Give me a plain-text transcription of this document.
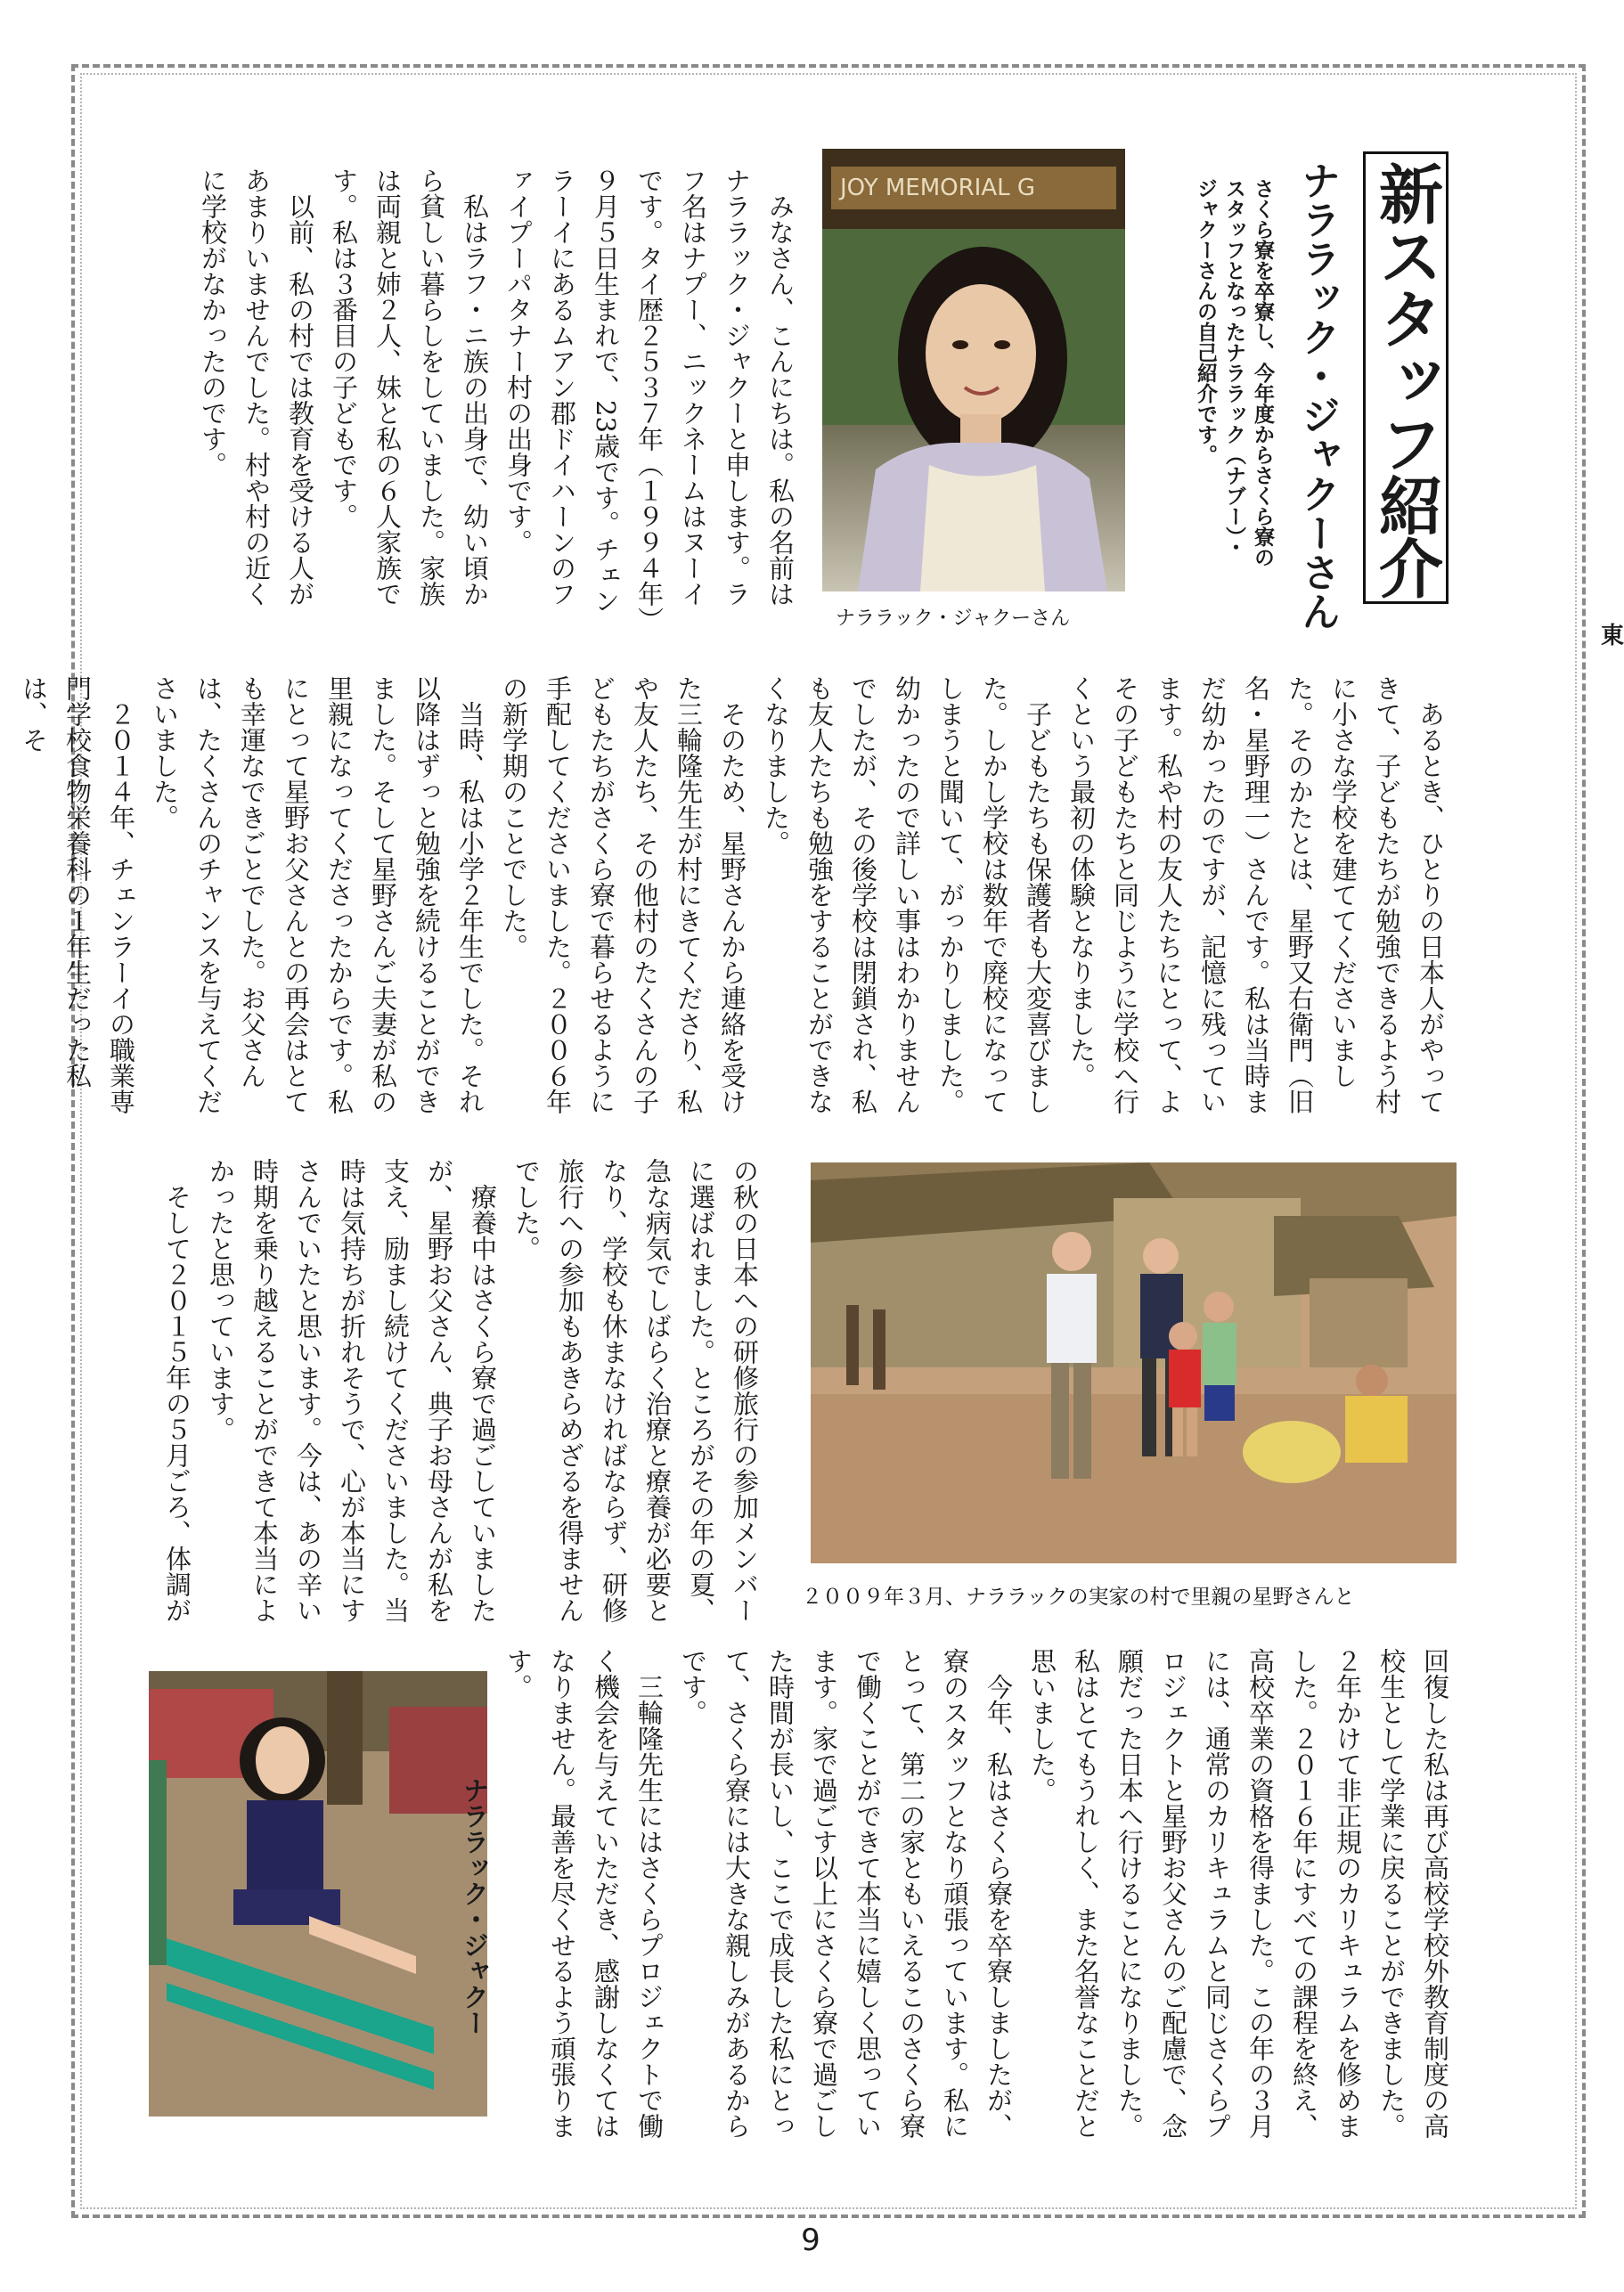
新スタッフ紹介
ナララック・ジャクーさん
さくら寮を卒寮し、今年度からさくら寮のスタッフとなったナララック（ナブー）・ジャクーさんの自己紹介です。
JOY MEMORIAL G
ナララック・ジャクーさん

みなさん、こんにちは。私の名前はナララック・ジャクーと申します。ラフ名はナプー、ニックネームはヌーイです。タイ歴２５３７年（１９９４年）９月５日生まれで、23歳です。チェンラーイにあるムアン郡ドイハーンのファイプーパタナー村の出身です。

私はラフ・ニ族の出身で、幼い頃から貧しい暮らしをしていました。家族は両親と姉２人、妹と私の６人家族です。私は３番目の子どもです。

以前、私の村では教育を受ける人があまりいませんでした。村や村の近くに学校がなかったのです。

あるとき、ひとりの日本人がやってきて、子どもたちが勉強できるよう村に小さな学校を建ててくださいました。そのかたとは、星野又右衛門（旧名・星野理一）さんです。私は当時まだ幼かったのですが、記憶に残っています。私や村の友人たちにとって、よその子どもたちと同じように学校へ行くという最初の体験となりました。

子どもたちも保護者も大変喜びました。しかし学校は数年で廃校になってしまうと聞いて、がっかりしました。幼かったので詳しい事はわかりませんでしたが、その後学校は閉鎖され、私も友人たちも勉強をすることができなくなりました。

そのため、星野さんから連絡を受けた三輪隆先生が村にきてくださり、私や友人たち、その他村のたくさんの子どもたちがさくら寮で暮らせるように手配してくださいました。２００６年の新学期のことでした。

当時、私は小学２年生でした。それ以降はずっと勉強を続けることができました。そして星野さんご夫妻が私の里親になってくださったからです。私にとって星野お父さんとの再会はとても幸運なできごとでした。お父さんは、たくさんのチャンスを与えてくださいました。

２０１４年、チェンラーイの職業専門学校食物栄養科の１年生だった私は、そ

２００９年３月、ナララックの実家の村で里親の星野さんと

の秋の日本への研修旅行の参加メンバーに選ばれました。ところがその年の夏、急な病気でしばらく治療と療養が必要となり、学校も休まなければならず、研修旅行への参加もあきらめざるを得ませんでした。

療養中はさくら寮で過ごしていましたが、星野お父さん、典子お母さんが私を支え、励まし続けてくださいました。当時は気持ちが折れそうで、心が本当にすさんでいたと思います。今は、あの辛い時期を乗り越えることができて本当によかったと思っています。

そして２０１５年の５月ごろ、体調が

回復した私は再び高校学校外教育制度の高校生として学業に戻ることができました。２年かけて非正規のカリキュラムを修めました。２０１６年にすべての課程を終え、高校卒業の資格を得ました。この年の３月には、通常のカリキュラムと同じさくらプロジェクトと星野お父さんのご配慮で、念願だった日本へ行けることになりました。私はとてもうれしく、また名誉なことだと思いました。

今年、私はさくら寮を卒寮しましたが、寮のスタッフとなり頑張っています。私にとって、第二の家ともいえるこのさくら寮で働くことができて本当に嬉しく思っています。家で過ごす以上にさくら寮で過ごした時間が長いし、ここで成長した私にとって、さくら寮には大きな親しみがあるからです。

三輪隆先生にはさくらプロジェクトで働く機会を与えていただき、感謝しなくてはなりません。最善を尽くせるよう頑張ります。

ナララック・ジャクー

東
9
